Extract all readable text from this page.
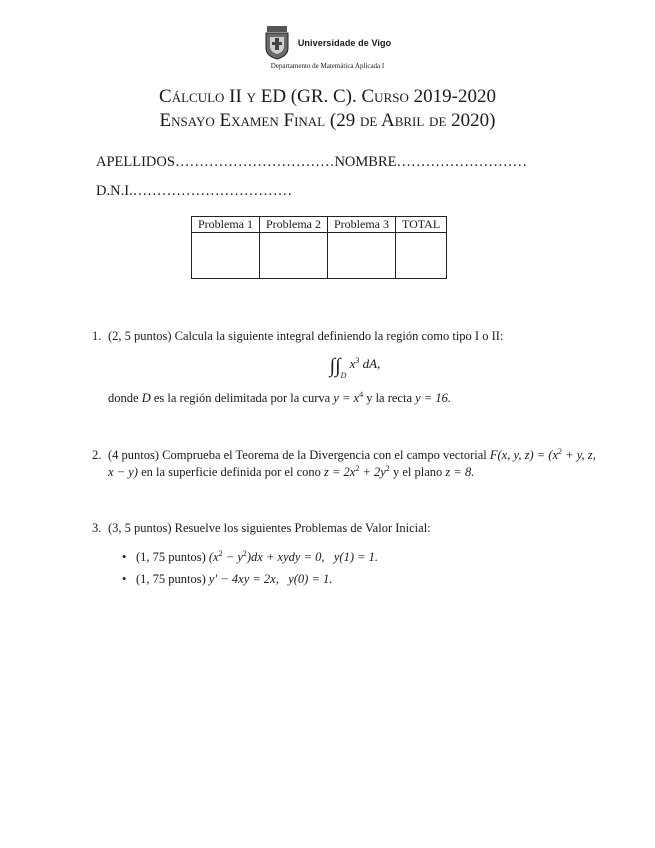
Universidade de Vigo
Departamento de Matemática Aplicada I
Cálculo II y ED (GR. C). Curso 2019-2020
Ensayo Examen Final (29 de Abril de 2020)
APELLIDOS……………………………NOMBRE………………………
D.N.I.……………………………
Problema 1	Problema 2	Problema 3	TOTAL

1. (2, 5 puntos) Calcula la siguiente integral definiendo la región como tipo I o II:
$\int\int_D$ $x^3$ dA,
donde D es la región delimitada por la curva $y = x^4$ y la recta y = 16.
2. (4 puntos) Comprueba el Teorema de la Divergencia con el campo vectorial F(x, y, $z) = (x^2 + y$, z, x − y) en la superficie definida por el cono $z = 2x^2 + 2y^2$ y el plano z = 8.
3. (3, 5 puntos) Resuelve los siguientes Problemas de Valor Inicial:
• (1, 75 puntos) $(x^2 - y^2)dx$ + xydy = 0, y(1) = 1.
• (1, 75 puntos) y′ − 4xy = 2x, y(0) = 1.
